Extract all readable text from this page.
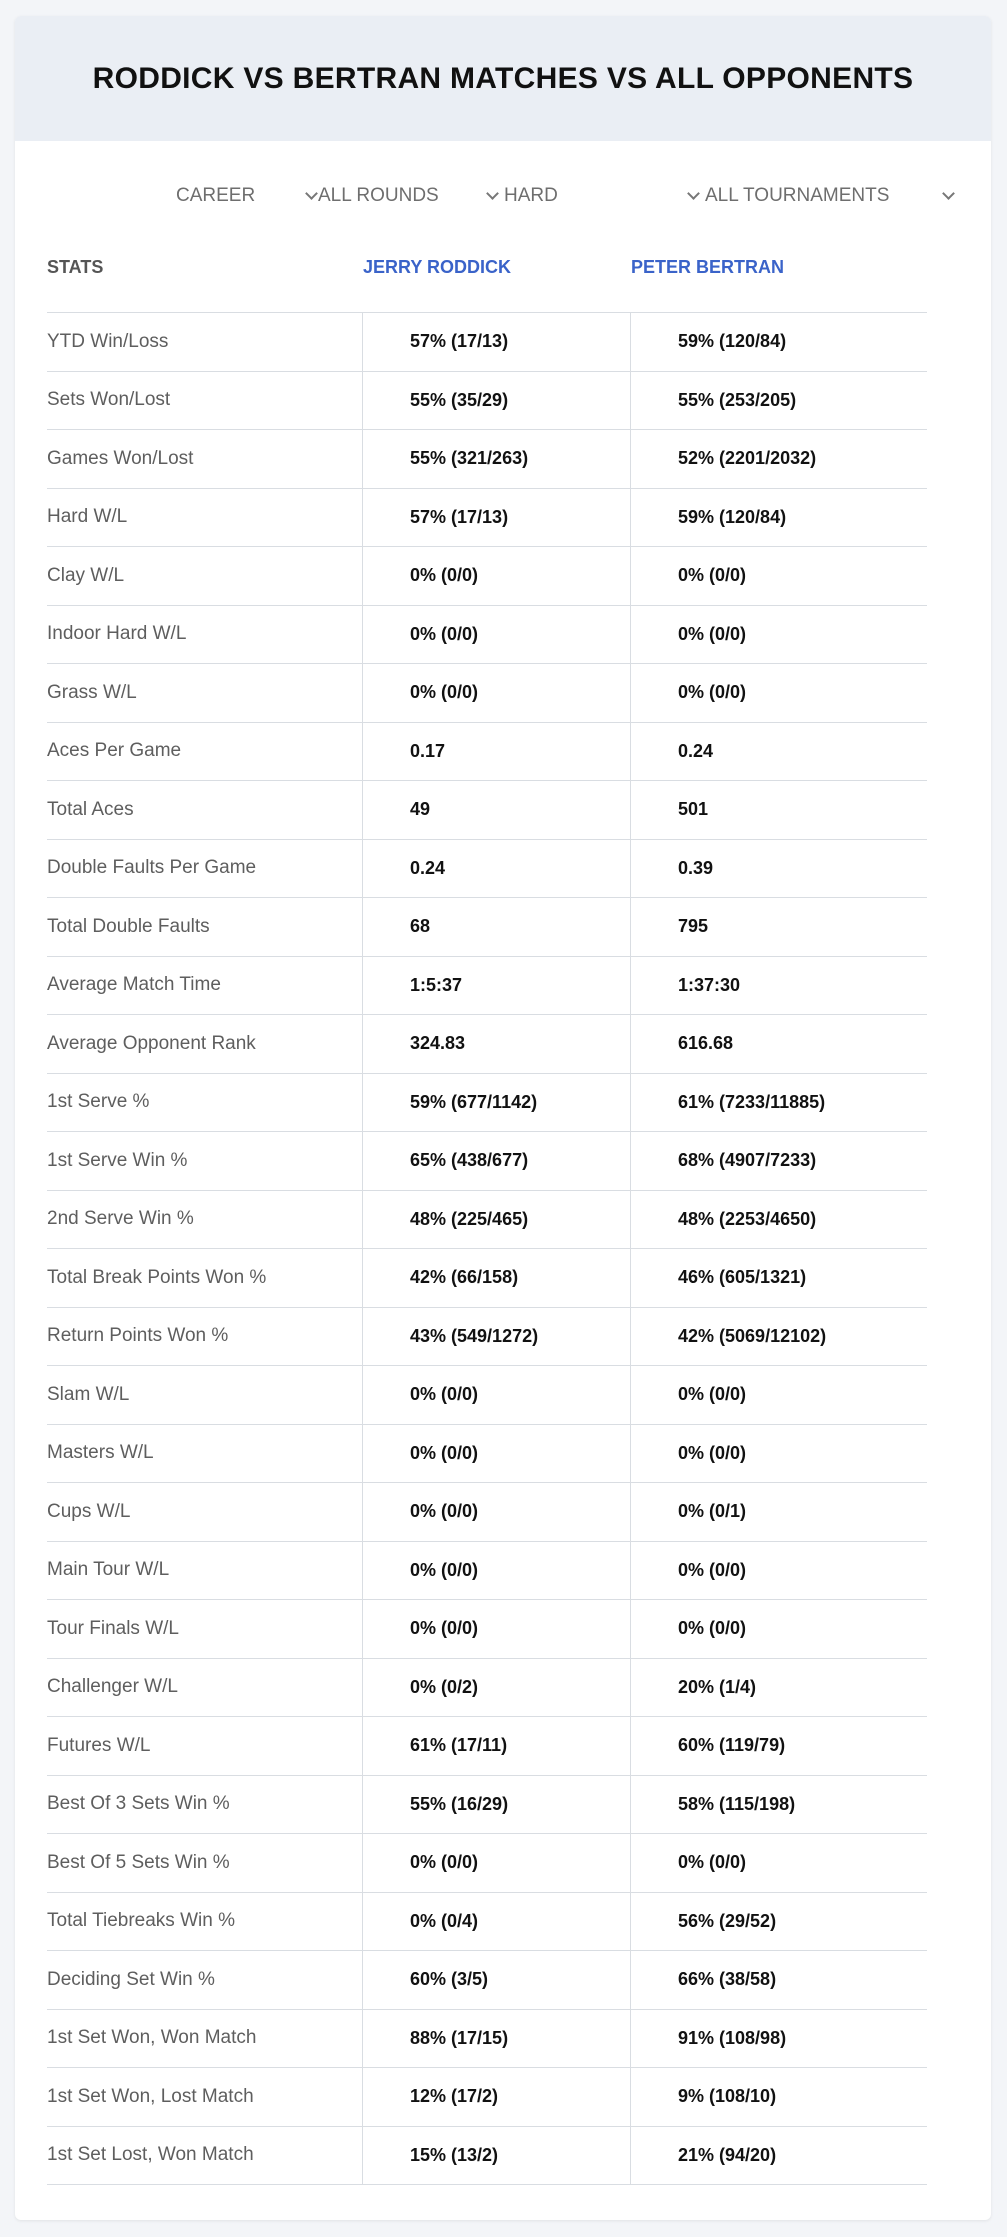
RODDICK VS BERTRAN MATCHES VS ALL OPPONENTS
CAREER	ALL ROUNDS	HARD	ALL TOURNAMENTS
STATS	JERRY RODDICK	PETER BERTRAN
YTD Win/Loss	57% (17/13)	59% (120/84)
Sets Won/Lost	55% (35/29)	55% (253/205)
Games Won/Lost	55% (321/263)	52% (2201/2032)
Hard W/L	57% (17/13)	59% (120/84)
Clay W/L	0% (0/0)	0% (0/0)
Indoor Hard W/L	0% (0/0)	0% (0/0)
Grass W/L	0% (0/0)	0% (0/0)
Aces Per Game	0.17	0.24
Total Aces	49	501
Double Faults Per Game	0.24	0.39
Total Double Faults	68	795
Average Match Time	1:5:37	1:37:30
Average Opponent Rank	324.83	616.68
1st Serve %	59% (677/1142)	61% (7233/11885)
1st Serve Win %	65% (438/677)	68% (4907/7233)
2nd Serve Win %	48% (225/465)	48% (2253/4650)
Total Break Points Won %	42% (66/158)	46% (605/1321)
Return Points Won %	43% (549/1272)	42% (5069/12102)
Slam W/L	0% (0/0)	0% (0/0)
Masters W/L	0% (0/0)	0% (0/0)
Cups W/L	0% (0/0)	0% (0/1)
Main Tour W/L	0% (0/0)	0% (0/0)
Tour Finals W/L	0% (0/0)	0% (0/0)
Challenger W/L	0% (0/2)	20% (1/4)
Futures W/L	61% (17/11)	60% (119/79)
Best Of 3 Sets Win %	55% (16/29)	58% (115/198)
Best Of 5 Sets Win %	0% (0/0)	0% (0/0)
Total Tiebreaks Win %	0% (0/4)	56% (29/52)
Deciding Set Win %	60% (3/5)	66% (38/58)
1st Set Won, Won Match	88% (17/15)	91% (108/98)
1st Set Won, Lost Match	12% (17/2)	9% (108/10)
1st Set Lost, Won Match	15% (13/2)	21% (94/20)
